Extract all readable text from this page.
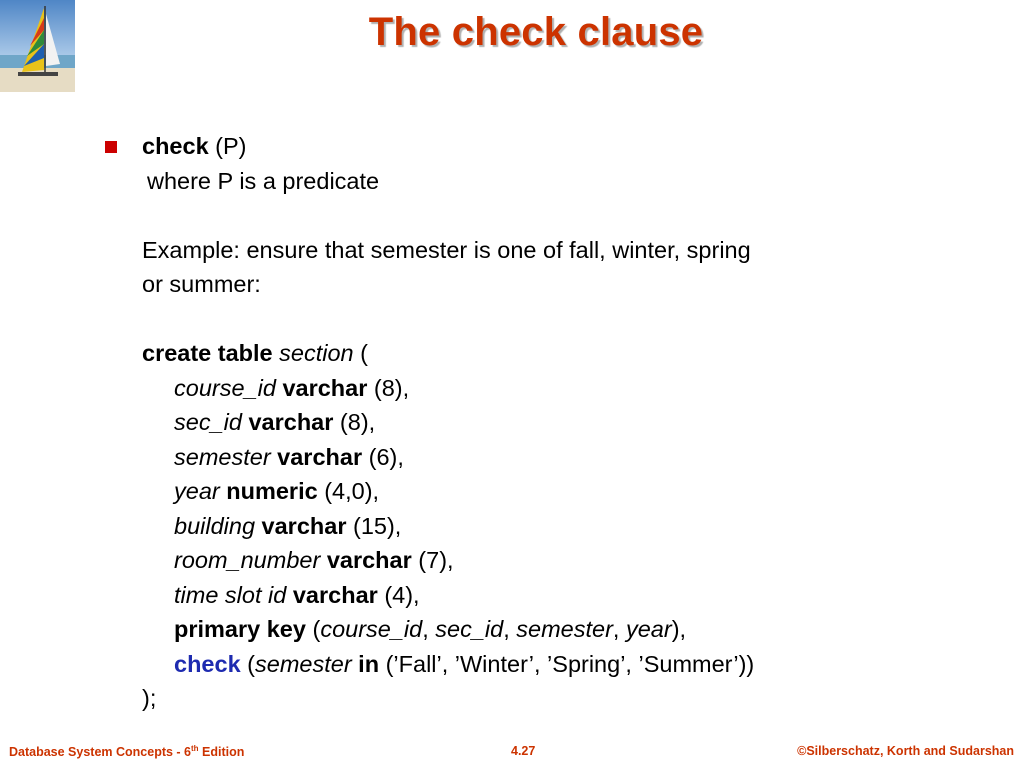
The check clause
check (P)
where P is a predicate
Example: ensure that semester is one of fall, winter, spring
or summer:
create table section (
course_id varchar (8),
sec_id varchar (8),
semester varchar (6),
year numeric (4,0),
building varchar (15),
room_number varchar (7),
time slot id varchar (4),
primary key (course_id, sec_id, semester, year),
check (semester in (’Fall’, ’Winter’, ’Spring’, ’Summer’))
);
Database System Concepts - 6th Edition	4.27	©Silberschatz, Korth and Sudarshan
